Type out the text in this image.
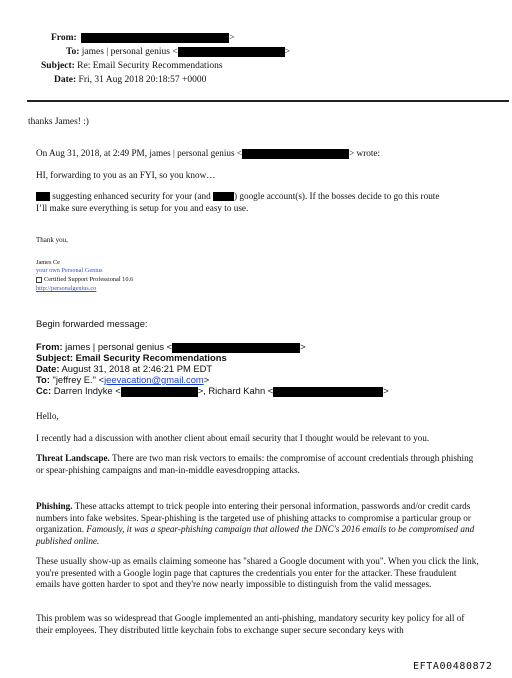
From:	>
To: james | personal genius <	>
Subject: Re: Email Security Recommendations
Date: Fri, 31 Aug 2018 20:18:57 +0000
thanks James! :)
On Aug 31, 2018, at 2:49 PM, james | personal genius <	> wrote:
HI, forwarding to you as an FYI, so you know…
suggesting enhanced security for your (and ) google account(s). If the bosses decide to go this route
I’ll make sure everything is setup for you and easy to use.
Thank you,
James Ce
your own Personal Genius
Certified Support Professional 10.6
http://personalgenius.co
Begin forwarded message:
From: james | personal genius <	>
Subject: Email Security Recommendations
Date: August 31, 2018 at 2:46:21 PM EDT
To: "jeffrey E." <jeevacation@gmail.com>
Cc: Darren Indyke <	>, Richard Kahn <	>
Hello,
I recently had a discussion with another client about email security that I thought would be relevant to you.
Threat Landscape. There are two man risk vectors to emails: the compromise of account credentials through phishing or spear-phishing campaigns and man-in-middle eavesdropping attacks.
Phishing. These attacks attempt to trick people into entering their personal information, passwords and/or credit cards numbers into fake websites. Spear-phishing is the targeted use of phishing attacks to compromise a particular group or organization. Famously, it was a spear-phishing campaign that allowed the DNC's 2016 emails to be compromised and published online.
These usually show-up as emails claiming someone has "shared a Google document with you". When you click the link, you're presented with a Google login page that captures the credentials you enter for the attacker. These fraudulent emails have gotten harder to spot and they're now nearly impossible to distinguish from the valid messages.
This problem was so widespread that Google implemented an anti-phishing, mandatory security key policy for all of their employees. They distributed little keychain fobs to exchange super secure secondary keys with
EFTA00480872
